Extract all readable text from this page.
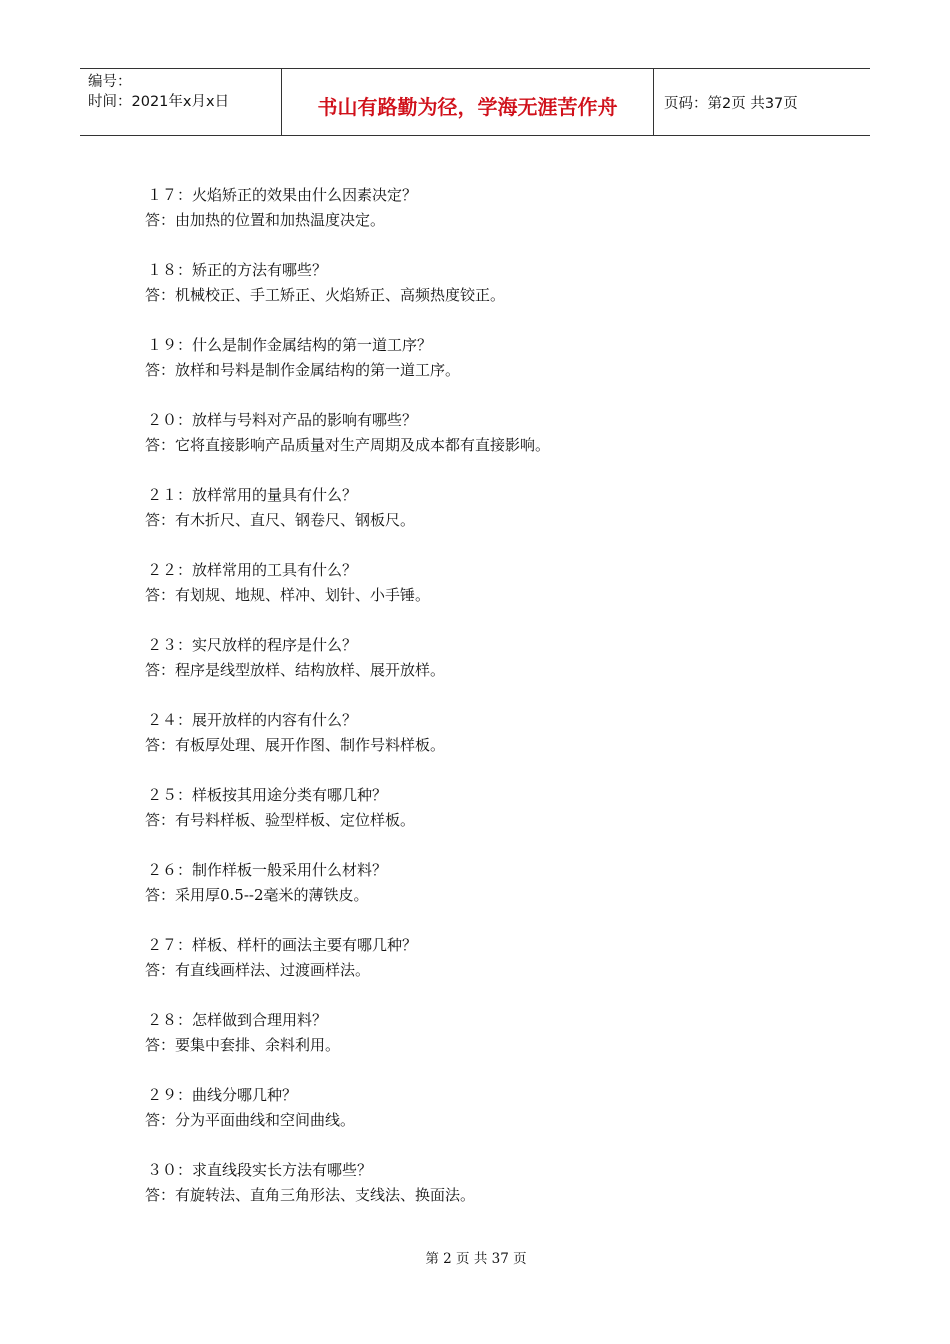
编号：
时间：2021年x月x日	书山有路勤为径，学海无涯苦作舟	页码：第2页 共37页
１７：火焰矫正的效果由什么因素决定？
答：由加热的位置和加热温度决定。
１８：矫正的方法有哪些？
答：机械校正、手工矫正、火焰矫正、高频热度铰正。
１９：什么是制作金属结构的第一道工序？
答：放样和号料是制作金属结构的第一道工序。
２０：放样与号料对产品的影响有哪些？
答：它将直接影响产品质量对生产周期及成本都有直接影响。
２１：放样常用的量具有什么？
答：有木折尺、直尺、钢卷尺、钢板尺。
２２：放样常用的工具有什么？
答：有划规、地规、样冲、划针、小手锤。
２３：实尺放样的程序是什么？
答：程序是线型放样、结构放样、展开放样。
２４：展开放样的内容有什么？
答：有板厚处理、展开作图、制作号料样板。
２５：样板按其用途分类有哪几种？
答：有号料样板、验型样板、定位样板。
２６：制作样板一般采用什么材料？
答：采用厚0.5--2毫米的薄铁皮。
２７：样板、样杆的画法主要有哪几种？
答：有直线画样法、过渡画样法。
２８：怎样做到合理用料？
答：要集中套排、余料利用。
２９：曲线分哪几种？
答：分为平面曲线和空间曲线。
３０：求直线段实长方法有哪些？
答：有旋转法、直角三角形法、支线法、换面法。
第 2 页 共 37 页
